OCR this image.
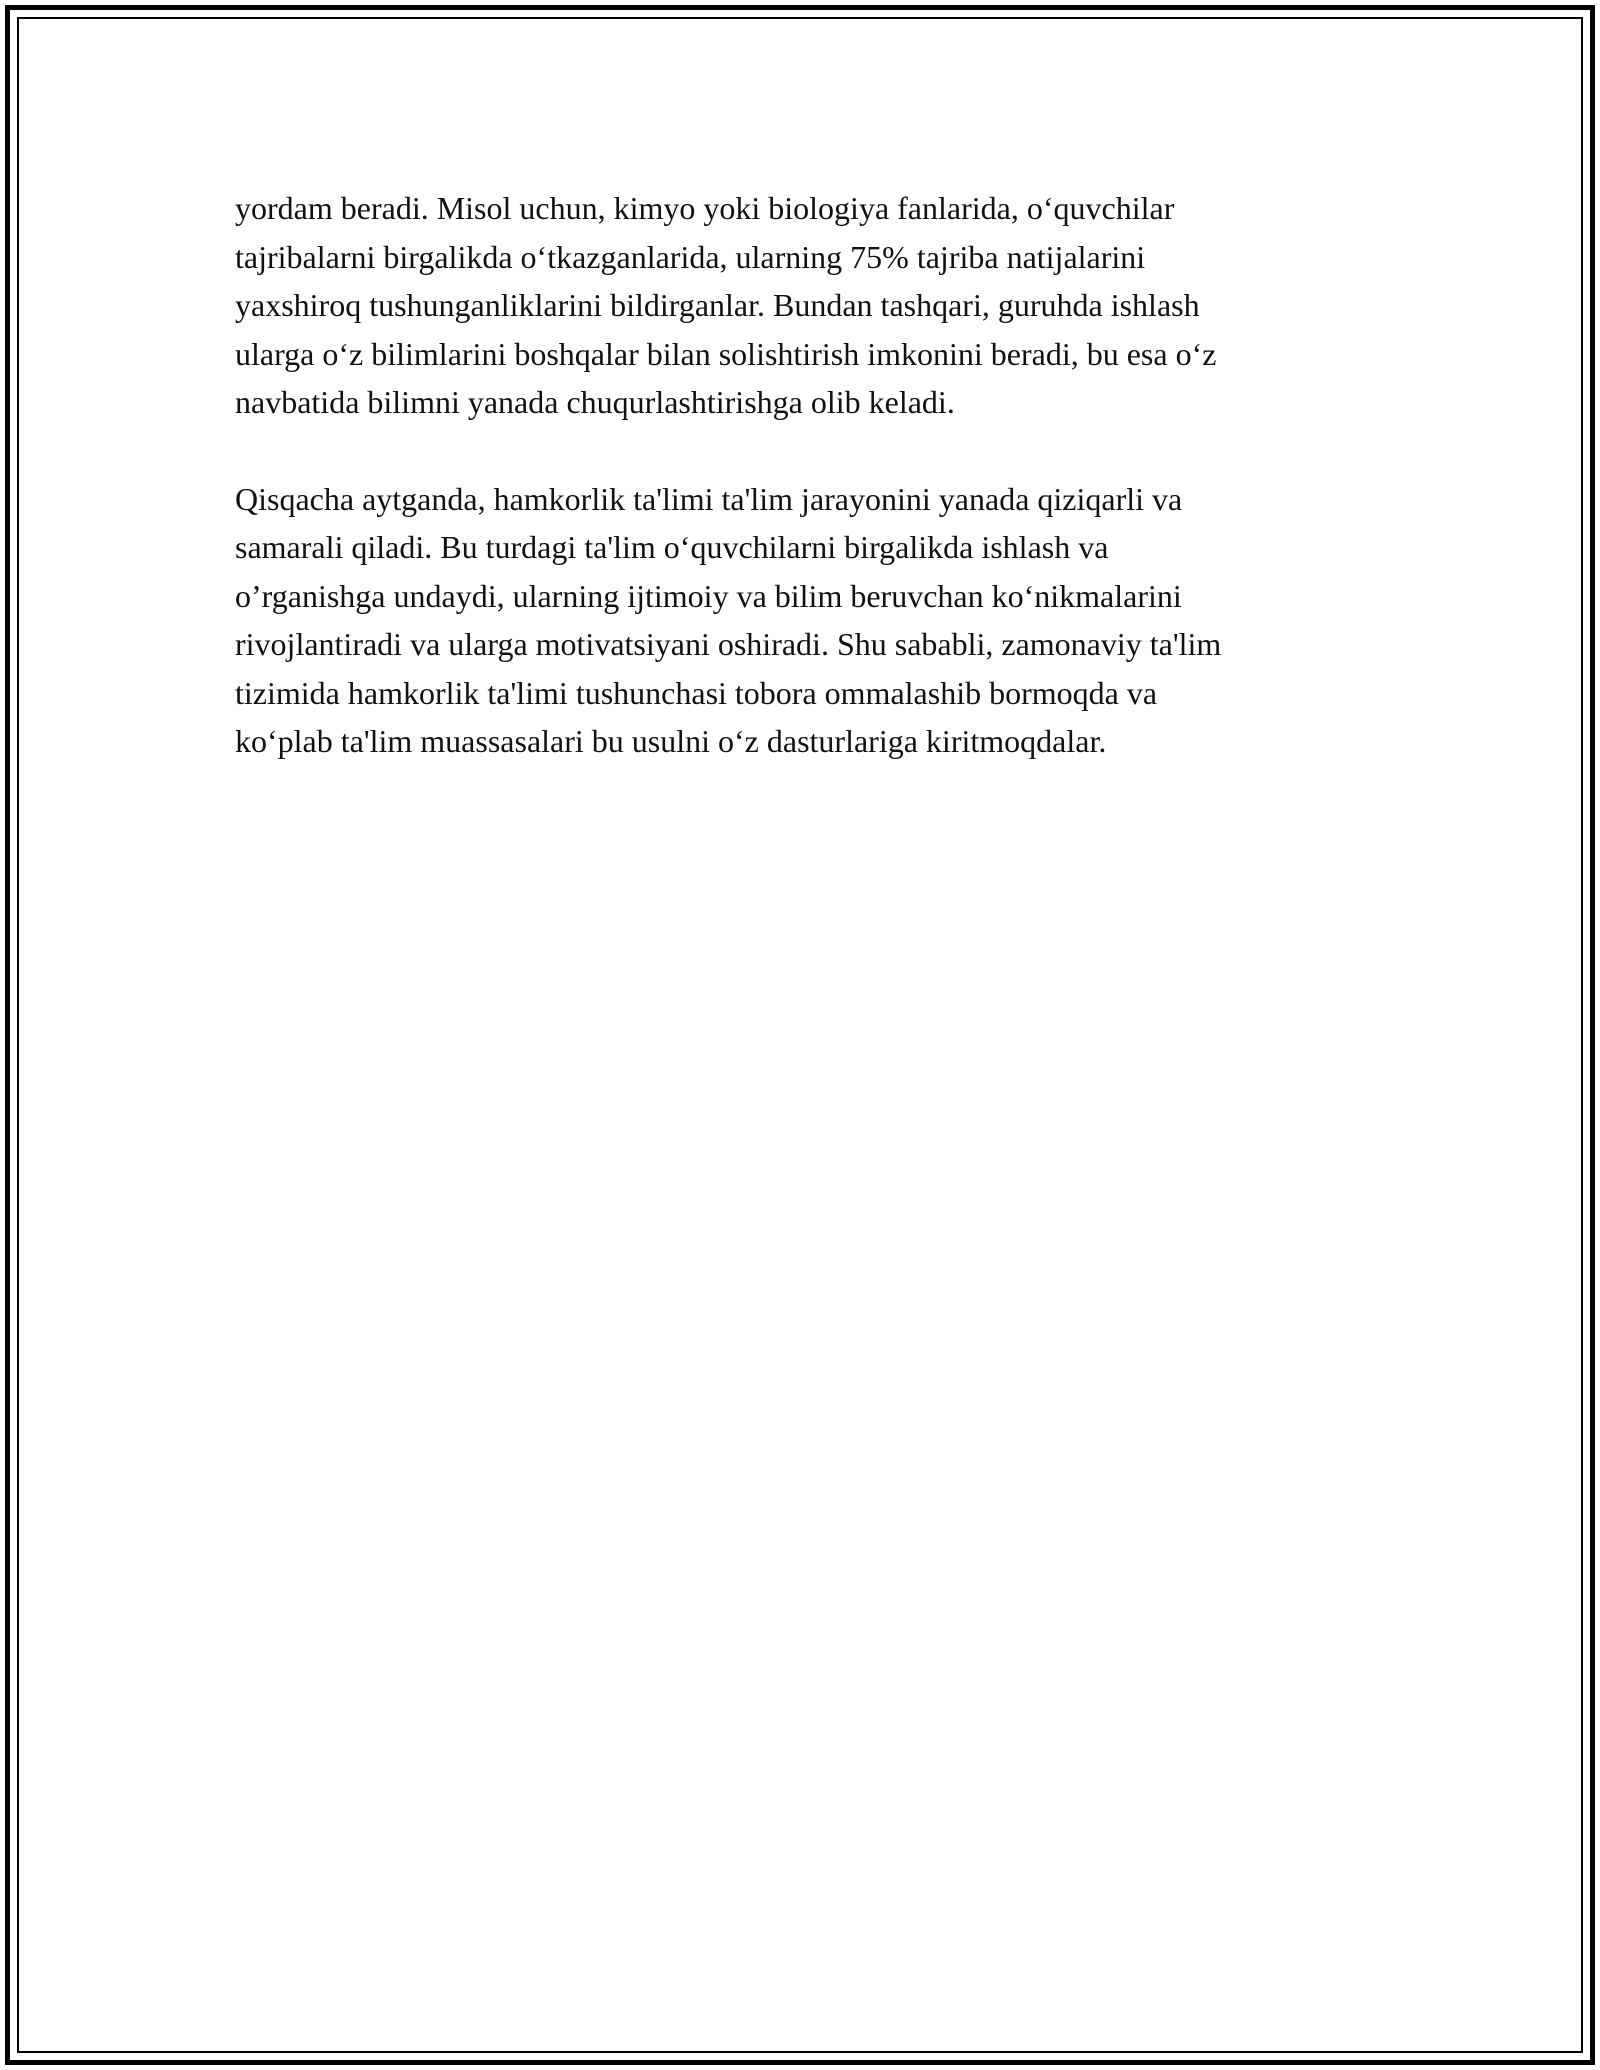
yordam beradi. Misol uchun, kimyo yoki biologiya fanlarida, o‘quvchilar
tajribalarni birgalikda o‘tkazganlarida, ularning 75% tajriba natijalarini
yaxshiroq tushunganliklarini bildirganlar. Bundan tashqari, guruhda ishlash
ularga o‘z bilimlarini boshqalar bilan solishtirish imkonini beradi, bu esa o‘z
navbatida bilimni yanada chuqurlashtirishga olib keladi.

Qisqacha aytganda, hamkorlik ta'limi ta'lim jarayonini yanada qiziqarli va
samarali qiladi. Bu turdagi ta'lim o‘quvchilarni birgalikda ishlash va
o’rganishga undaydi, ularning ijtimoiy va bilim beruvchan ko‘nikmalarini
rivojlantiradi va ularga motivatsiyani oshiradi. Shu sababli, zamonaviy ta'lim
tizimida hamkorlik ta'limi tushunchasi tobora ommalashib bormoqda va
ko‘plab ta'lim muassasalari bu usulni o‘z dasturlariga kiritmoqdalar.
